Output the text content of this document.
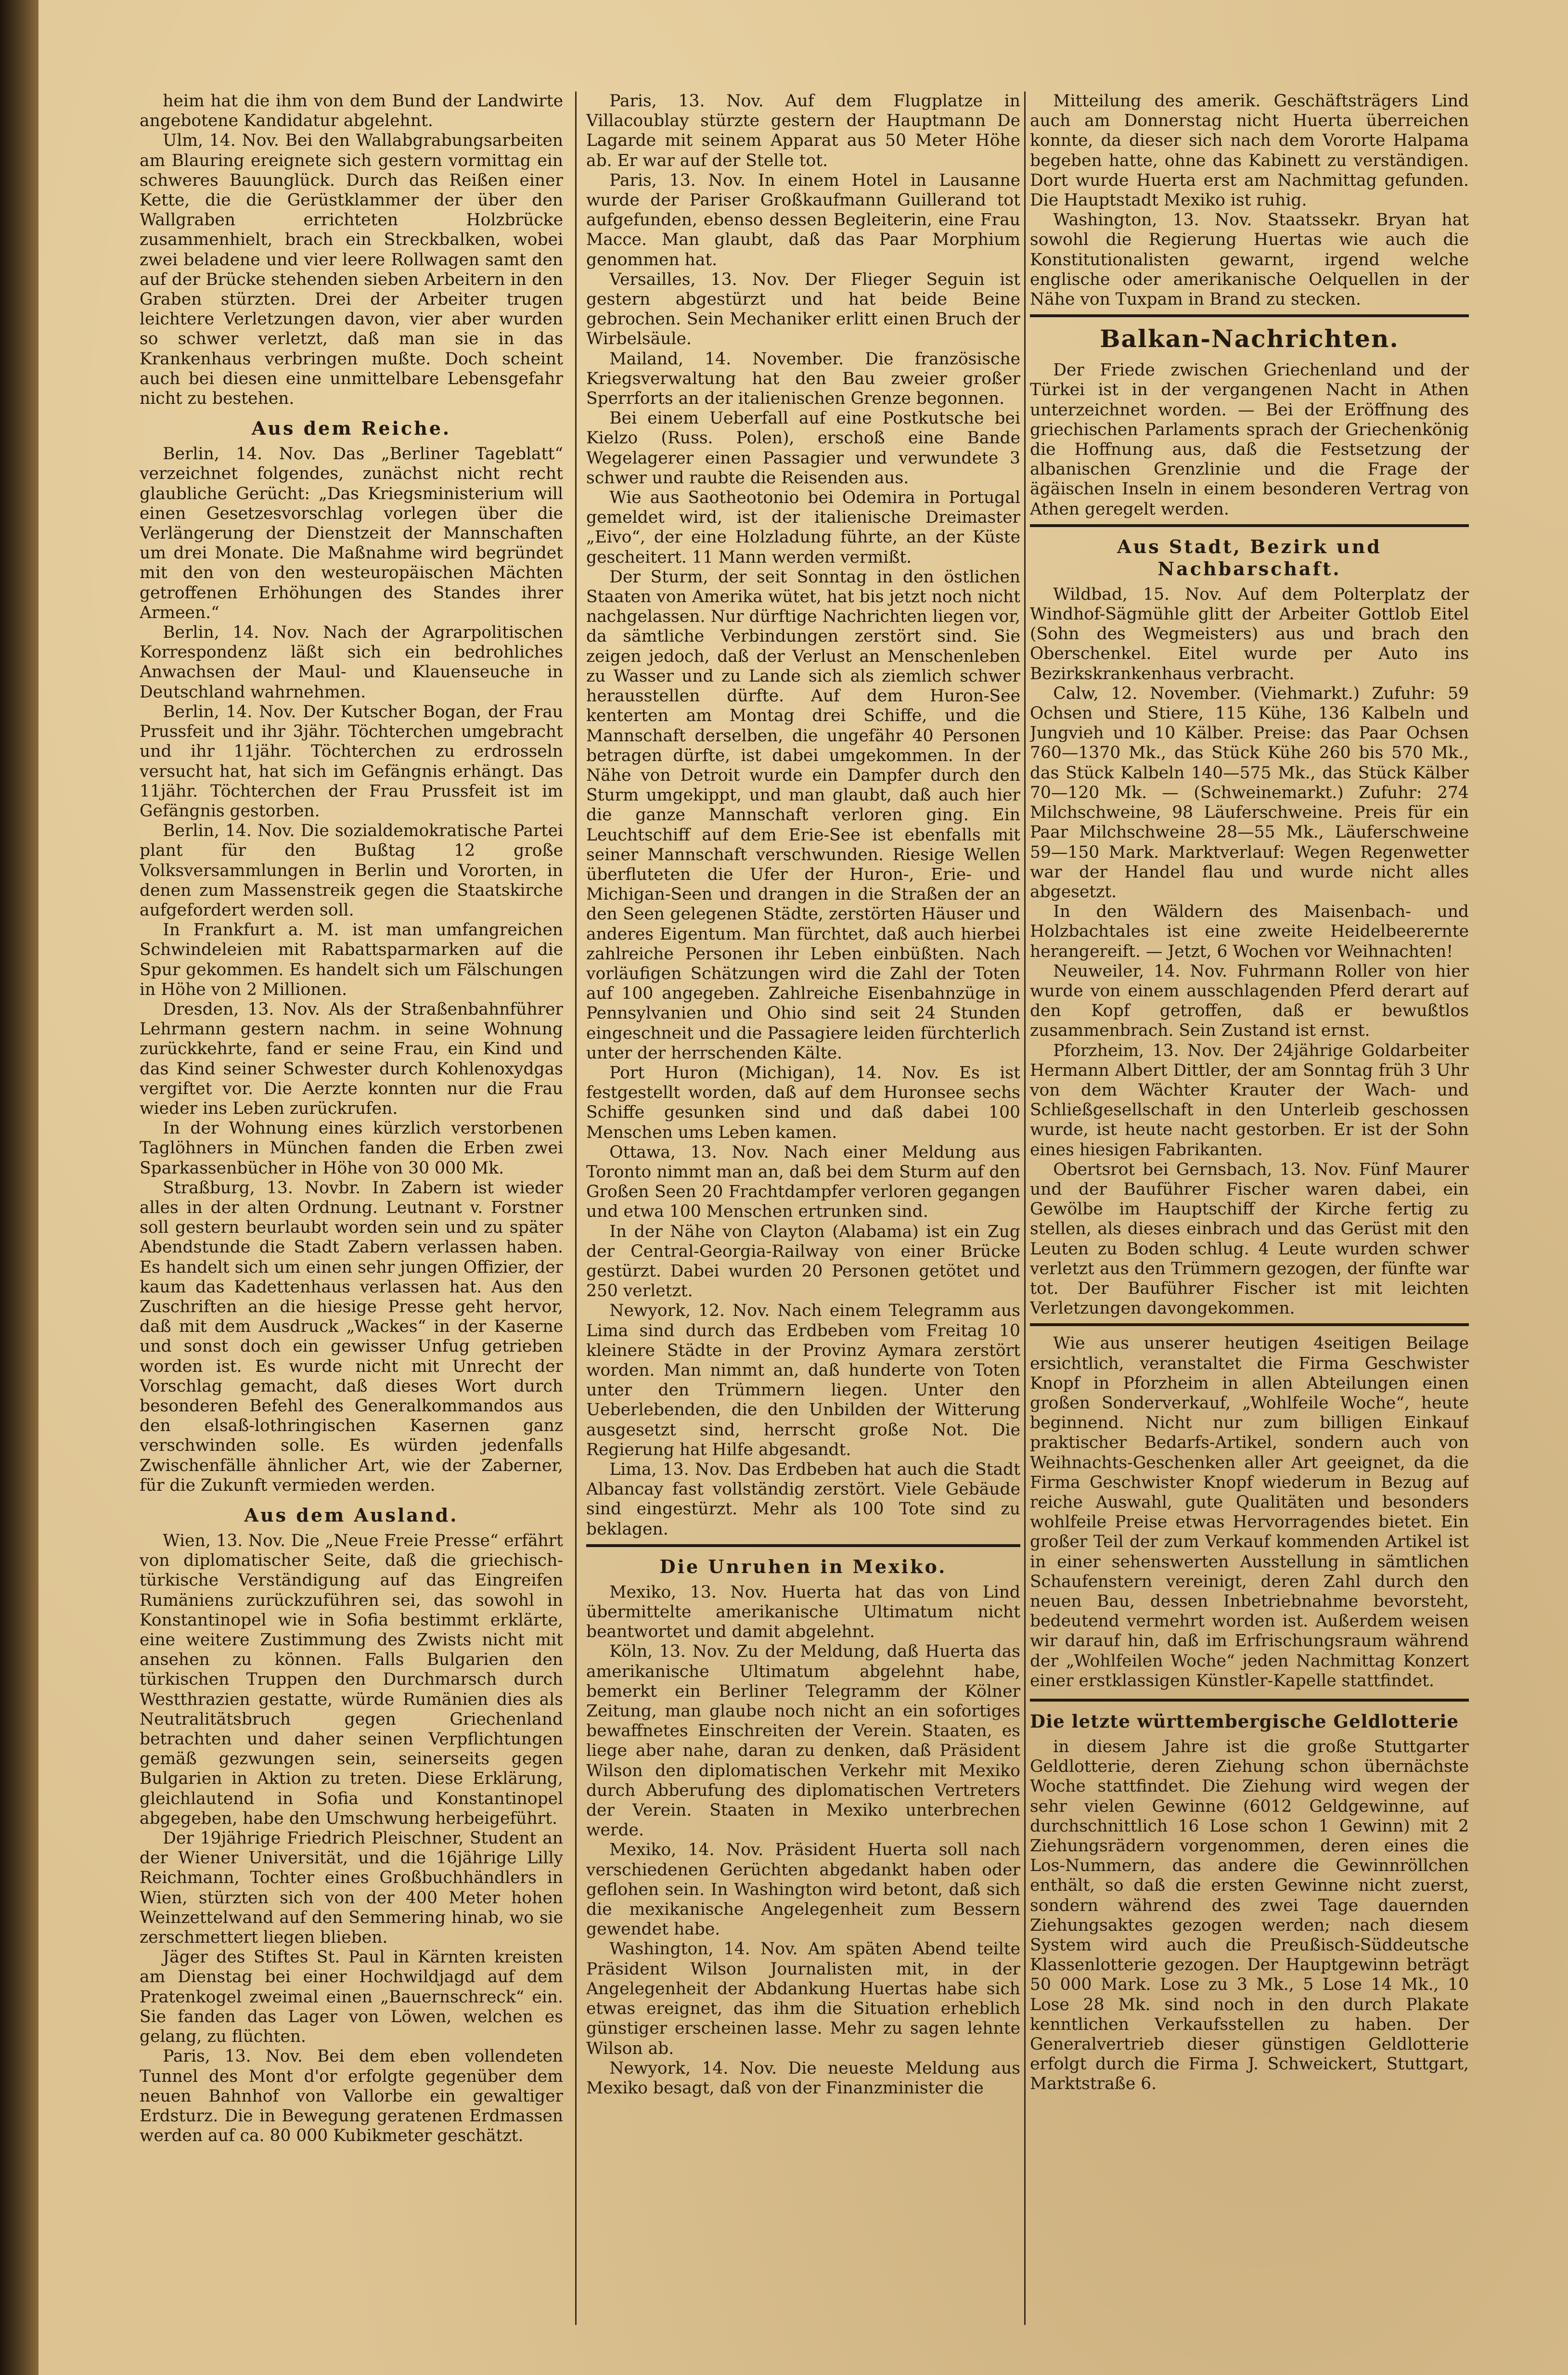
heim hat die ihm von dem Bund der Landwirte angebotene Kandidatur abgelehnt.

Ulm, 14. Nov. Bei den Wallabgrabungsarbeiten am Blauring ereignete sich gestern vormittag ein schweres Bauunglück. Durch das Reißen einer Kette, die die Gerüstklammer der über den Wallgraben errichteten Holzbrücke zusammenhielt, brach ein Streckbalken, wobei zwei beladene und vier leere Rollwagen samt den auf der Brücke stehenden sieben Arbeitern in den Graben stürzten. Drei der Arbeiter trugen leichtere Verletzungen davon, vier aber wurden so schwer verletzt, daß man sie in das Krankenhaus verbringen mußte. Doch scheint auch bei diesen eine unmittelbare Lebensgefahr nicht zu bestehen.

Aus dem Reiche.

Berlin, 14. Nov. Das „Berliner Tageblatt“ verzeichnet folgendes, zunächst nicht recht glaubliche Gerücht: „Das Kriegsministerium will einen Gesetzesvorschlag vorlegen über die Verlängerung der Dienstzeit der Mannschaften um drei Monate. Die Maßnahme wird begründet mit den von den westeuropäischen Mächten getroffenen Erhöhungen des Standes ihrer Armeen.“

Berlin, 14. Nov. Nach der Agrarpolitischen Korrespondenz läßt sich ein bedrohliches Anwachsen der Maul- und Klauenseuche in Deutschland wahrnehmen.

Berlin, 14. Nov. Der Kutscher Bogan, der Frau Prussfeit und ihr 3jähr. Töchterchen umgebracht und ihr 11jähr. Töchterchen zu erdrosseln versucht hat, hat sich im Gefängnis erhängt. Das 11jähr. Töchterchen der Frau Prussfeit ist im Gefängnis gestorben.

Berlin, 14. Nov. Die sozialdemokratische Partei plant für den Bußtag 12 große Volksversammlungen in Berlin und Vororten, in denen zum Massenstreik gegen die Staatskirche aufgefordert werden soll.

In Frankfurt a. M. ist man umfangreichen Schwindeleien mit Rabattsparmarken auf die Spur gekommen. Es handelt sich um Fälschungen in Höhe von 2 Millionen.

Dresden, 13. Nov. Als der Straßenbahnführer Lehrmann gestern nachm. in seine Wohnung zurückkehrte, fand er seine Frau, ein Kind und das Kind seiner Schwester durch Kohlenoxydgas vergiftet vor. Die Aerzte konnten nur die Frau wieder ins Leben zurückrufen.

In der Wohnung eines kürzlich verstorbenen Taglöhners in München fanden die Erben zwei Sparkassenbücher in Höhe von 30 000 Mk.

Straßburg, 13. Novbr. In Zabern ist wieder alles in der alten Ordnung. Leutnant v. Forstner soll gestern beurlaubt worden sein und zu später Abendstunde die Stadt Zabern verlassen haben. Es handelt sich um einen sehr jungen Offizier, der kaum das Kadettenhaus verlassen hat. Aus den Zuschriften an die hiesige Presse geht hervor, daß mit dem Ausdruck „Wackes“ in der Kaserne und sonst doch ein gewisser Unfug getrieben worden ist. Es wurde nicht mit Unrecht der Vorschlag gemacht, daß dieses Wort durch besonderen Befehl des Generalkommandos aus den elsaß-lothringischen Kasernen ganz verschwinden solle. Es würden jedenfalls Zwischenfälle ähnlicher Art, wie der Zaberner, für die Zukunft vermieden werden.

Aus dem Ausland.

Wien, 13. Nov. Die „Neue Freie Presse“ erfährt von diplomatischer Seite, daß die griechisch-türkische Verständigung auf das Eingreifen Rumäniens zurückzuführen sei, das sowohl in Konstantinopel wie in Sofia bestimmt erklärte, eine weitere Zustimmung des Zwists nicht mit ansehen zu können. Falls Bulgarien den türkischen Truppen den Durchmarsch durch Westthrazien gestatte, würde Rumänien dies als Neutralitätsbruch gegen Griechenland betrachten und daher seinen Verpflichtungen gemäß gezwungen sein, seinerseits gegen Bulgarien in Aktion zu treten. Diese Erklärung, gleichlautend in Sofia und Konstantinopel abgegeben, habe den Umschwung herbeigeführt.

Der 19jährige Friedrich Pleischner, Student an der Wiener Universität, und die 16jährige Lilly Reichmann, Tochter eines Großbuchhändlers in Wien, stürzten sich von der 400 Meter hohen Weinzettelwand auf den Semmering hinab, wo sie zerschmettert liegen blieben.

Jäger des Stiftes St. Paul in Kärnten kreisten am Dienstag bei einer Hochwildjagd auf dem Pratenkogel zweimal einen „Bauernschreck“ ein. Sie fanden das Lager von Löwen, welchen es gelang, zu flüchten.

Paris, 13. Nov. Bei dem eben vollendeten Tunnel des Mont d'or erfolgte gegenüber dem neuen Bahnhof von Vallorbe ein gewaltiger Erdsturz. Die in Bewegung geratenen Erdmassen werden auf ca. 80 000 Kubikmeter geschätzt.

Paris, 13. Nov. Auf dem Flugplatze in Villacoublay stürzte gestern der Hauptmann De Lagarde mit seinem Apparat aus 50 Meter Höhe ab. Er war auf der Stelle tot.

Paris, 13. Nov. In einem Hotel in Lausanne wurde der Pariser Großkaufmann Guillerand tot aufgefunden, ebenso dessen Begleiterin, eine Frau Macce. Man glaubt, daß das Paar Morphium genommen hat.

Versailles, 13. Nov. Der Flieger Seguin ist gestern abgestürzt und hat beide Beine gebrochen. Sein Mechaniker erlitt einen Bruch der Wirbelsäule.

Mailand, 14. November. Die französische Kriegsverwaltung hat den Bau zweier großer Sperrforts an der italienischen Grenze begonnen.

Bei einem Ueberfall auf eine Postkutsche bei Kielzo (Russ. Polen), erschoß eine Bande Wegelagerer einen Passagier und verwundete 3 schwer und raubte die Reisenden aus.

Wie aus Saotheotonio bei Odemira in Portugal gemeldet wird, ist der italienische Dreimaster „Eivo“, der eine Holzladung führte, an der Küste gescheitert. 11 Mann werden vermißt.

Der Sturm, der seit Sonntag in den östlichen Staaten von Amerika wütet, hat bis jetzt noch nicht nachgelassen. Nur dürftige Nachrichten liegen vor, da sämtliche Verbindungen zerstört sind. Sie zeigen jedoch, daß der Verlust an Menschenleben zu Wasser und zu Lande sich als ziemlich schwer herausstellen dürfte. Auf dem Huron-See kenterten am Montag drei Schiffe, und die Mannschaft derselben, die ungefähr 40 Personen betragen dürfte, ist dabei umgekommen. In der Nähe von Detroit wurde ein Dampfer durch den Sturm umgekippt, und man glaubt, daß auch hier die ganze Mannschaft verloren ging. Ein Leuchtschiff auf dem Erie-See ist ebenfalls mit seiner Mannschaft verschwunden. Riesige Wellen überfluteten die Ufer der Huron-, Erie- und Michigan-Seen und drangen in die Straßen der an den Seen gelegenen Städte, zerstörten Häuser und anderes Eigentum. Man fürchtet, daß auch hierbei zahlreiche Personen ihr Leben einbüßten. Nach vorläufigen Schätzungen wird die Zahl der Toten auf 100 angegeben. Zahlreiche Eisenbahnzüge in Pennsylvanien und Ohio sind seit 24 Stunden eingeschneit und die Passagiere leiden fürchterlich unter der herrschenden Kälte.

Port Huron (Michigan), 14. Nov. Es ist festgestellt worden, daß auf dem Huronsee sechs Schiffe gesunken sind und daß dabei 100 Menschen ums Leben kamen.

Ottawa, 13. Nov. Nach einer Meldung aus Toronto nimmt man an, daß bei dem Sturm auf den Großen Seen 20 Frachtdampfer verloren gegangen und etwa 100 Menschen ertrunken sind.

In der Nähe von Clayton (Alabama) ist ein Zug der Central-Georgia-Railway von einer Brücke gestürzt. Dabei wurden 20 Personen getötet und 250 verletzt.

Newyork, 12. Nov. Nach einem Telegramm aus Lima sind durch das Erdbeben vom Freitag 10 kleinere Städte in der Provinz Aymara zerstört worden. Man nimmt an, daß hunderte von Toten unter den Trümmern liegen. Unter den Ueberlebenden, die den Unbilden der Witterung ausgesetzt sind, herrscht große Not. Die Regierung hat Hilfe abgesandt.

Lima, 13. Nov. Das Erdbeben hat auch die Stadt Albancay fast vollständig zerstört. Viele Gebäude sind eingestürzt. Mehr als 100 Tote sind zu beklagen.

Die Unruhen in Mexiko.

Mexiko, 13. Nov. Huerta hat das von Lind übermittelte amerikanische Ultimatum nicht beantwortet und damit abgelehnt.

Köln, 13. Nov. Zu der Meldung, daß Huerta das amerikanische Ultimatum abgelehnt habe, bemerkt ein Berliner Telegramm der Kölner Zeitung, man glaube noch nicht an ein sofortiges bewaffnetes Einschreiten der Verein. Staaten, es liege aber nahe, daran zu denken, daß Präsident Wilson den diplomatischen Verkehr mit Mexiko durch Abberufung des diplomatischen Vertreters der Verein. Staaten in Mexiko unterbrechen werde.

Mexiko, 14. Nov. Präsident Huerta soll nach verschiedenen Gerüchten abgedankt haben oder geflohen sein. In Washington wird betont, daß sich die mexikanische Angelegenheit zum Bessern gewendet habe.

Washington, 14. Nov. Am späten Abend teilte Präsident Wilson Journalisten mit, in der Angelegenheit der Abdankung Huertas habe sich etwas ereignet, das ihm die Situation erheblich günstiger erscheinen lasse. Mehr zu sagen lehnte Wilson ab.

Newyork, 14. Nov. Die neueste Meldung aus Mexiko besagt, daß von der Finanzminister die

Mitteilung des amerik. Geschäftsträgers Lind auch am Donnerstag nicht Huerta überreichen konnte, da dieser sich nach dem Vororte Halpama begeben hatte, ohne das Kabinett zu verständigen. Dort wurde Huerta erst am Nachmittag gefunden. Die Hauptstadt Mexiko ist ruhig.

Washington, 13. Nov. Staatssekr. Bryan hat sowohl die Regierung Huertas wie auch die Konstitutionalisten gewarnt, irgend welche englische oder amerikanische Oelquellen in der Nähe von Tuxpam in Brand zu stecken.

Balkan-Nachrichten.

Der Friede zwischen Griechenland und der Türkei ist in der vergangenen Nacht in Athen unterzeichnet worden. — Bei der Eröffnung des griechischen Parlaments sprach der Griechenkönig die Hoffnung aus, daß die Festsetzung der albanischen Grenzlinie und die Frage der ägäischen Inseln in einem besonderen Vertrag von Athen geregelt werden.

Aus Stadt, Bezirk und Nachbarschaft.

Wildbad, 15. Nov. Auf dem Polterplatz der Windhof-Sägmühle glitt der Arbeiter Gottlob Eitel (Sohn des Wegmeisters) aus und brach den Oberschenkel. Eitel wurde per Auto ins Bezirkskrankenhaus verbracht.

Calw, 12. November. (Viehmarkt.) Zufuhr: 59 Ochsen und Stiere, 115 Kühe, 136 Kalbeln und Jungvieh und 10 Kälber. Preise: das Paar Ochsen 760—1370 Mk., das Stück Kühe 260 bis 570 Mk., das Stück Kalbeln 140—575 Mk., das Stück Kälber 70—120 Mk. — (Schweinemarkt.) Zufuhr: 274 Milchschweine, 98 Läuferschweine. Preis für ein Paar Milchschweine 28—55 Mk., Läuferschweine 59—150 Mark. Marktverlauf: Wegen Regenwetter war der Handel flau und wurde nicht alles abgesetzt.

In den Wäldern des Maisenbach- und Holzbachtales ist eine zweite Heidelbeerernte herangereift. — Jetzt, 6 Wochen vor Weihnachten!

Neuweiler, 14. Nov. Fuhrmann Roller von hier wurde von einem ausschlagenden Pferd derart auf den Kopf getroffen, daß er bewußtlos zusammenbrach. Sein Zustand ist ernst.

Pforzheim, 13. Nov. Der 24jährige Goldarbeiter Hermann Albert Dittler, der am Sonntag früh 3 Uhr von dem Wächter Krauter der Wach- und Schließgesellschaft in den Unterleib geschossen wurde, ist heute nacht gestorben. Er ist der Sohn eines hiesigen Fabrikanten.

Obertsrot bei Gernsbach, 13. Nov. Fünf Maurer und der Bauführer Fischer waren dabei, ein Gewölbe im Hauptschiff der Kirche fertig zu stellen, als dieses einbrach und das Gerüst mit den Leuten zu Boden schlug. 4 Leute wurden schwer verletzt aus den Trümmern gezogen, der fünfte war tot. Der Bauführer Fischer ist mit leichten Verletzungen davongekommen.

Wie aus unserer heutigen 4seitigen Beilage ersichtlich, veranstaltet die Firma Geschwister Knopf in Pforzheim in allen Abteilungen einen großen Sonderverkauf, „Wohlfeile Woche“, heute beginnend. Nicht nur zum billigen Einkauf praktischer Bedarfs-Artikel, sondern auch von Weihnachts-Geschenken aller Art geeignet, da die Firma Geschwister Knopf wiederum in Bezug auf reiche Auswahl, gute Qualitäten und besonders wohlfeile Preise etwas Hervorragendes bietet. Ein großer Teil der zum Verkauf kommenden Artikel ist in einer sehenswerten Ausstellung in sämtlichen Schaufenstern vereinigt, deren Zahl durch den neuen Bau, dessen Inbetriebnahme bevorsteht, bedeutend vermehrt worden ist. Außerdem weisen wir darauf hin, daß im Erfrischungsraum während der „Wohlfeilen Woche“ jeden Nachmittag Konzert einer erstklassigen Künstler-Kapelle stattfindet.

Die letzte württembergische Geldlotterie

in diesem Jahre ist die große Stuttgarter Geldlotterie, deren Ziehung schon übernächste Woche stattfindet. Die Ziehung wird wegen der sehr vielen Gewinne (6012 Geldgewinne, auf durchschnittlich 16 Lose schon 1 Gewinn) mit 2 Ziehungsrädern vorgenommen, deren eines die Los-Nummern, das andere die Gewinnröllchen enthält, so daß die ersten Gewinne nicht zuerst, sondern während des zwei Tage dauernden Ziehungsaktes gezogen werden; nach diesem System wird auch die Preußisch-Süddeutsche Klassenlotterie gezogen. Der Hauptgewinn beträgt 50 000 Mark. Lose zu 3 Mk., 5 Lose 14 Mk., 10 Lose 28 Mk. sind noch in den durch Plakate kenntlichen Verkaufsstellen zu haben. Der Generalvertrieb dieser günstigen Geldlotterie erfolgt durch die Firma J. Schweickert, Stuttgart, Marktstraße 6.
